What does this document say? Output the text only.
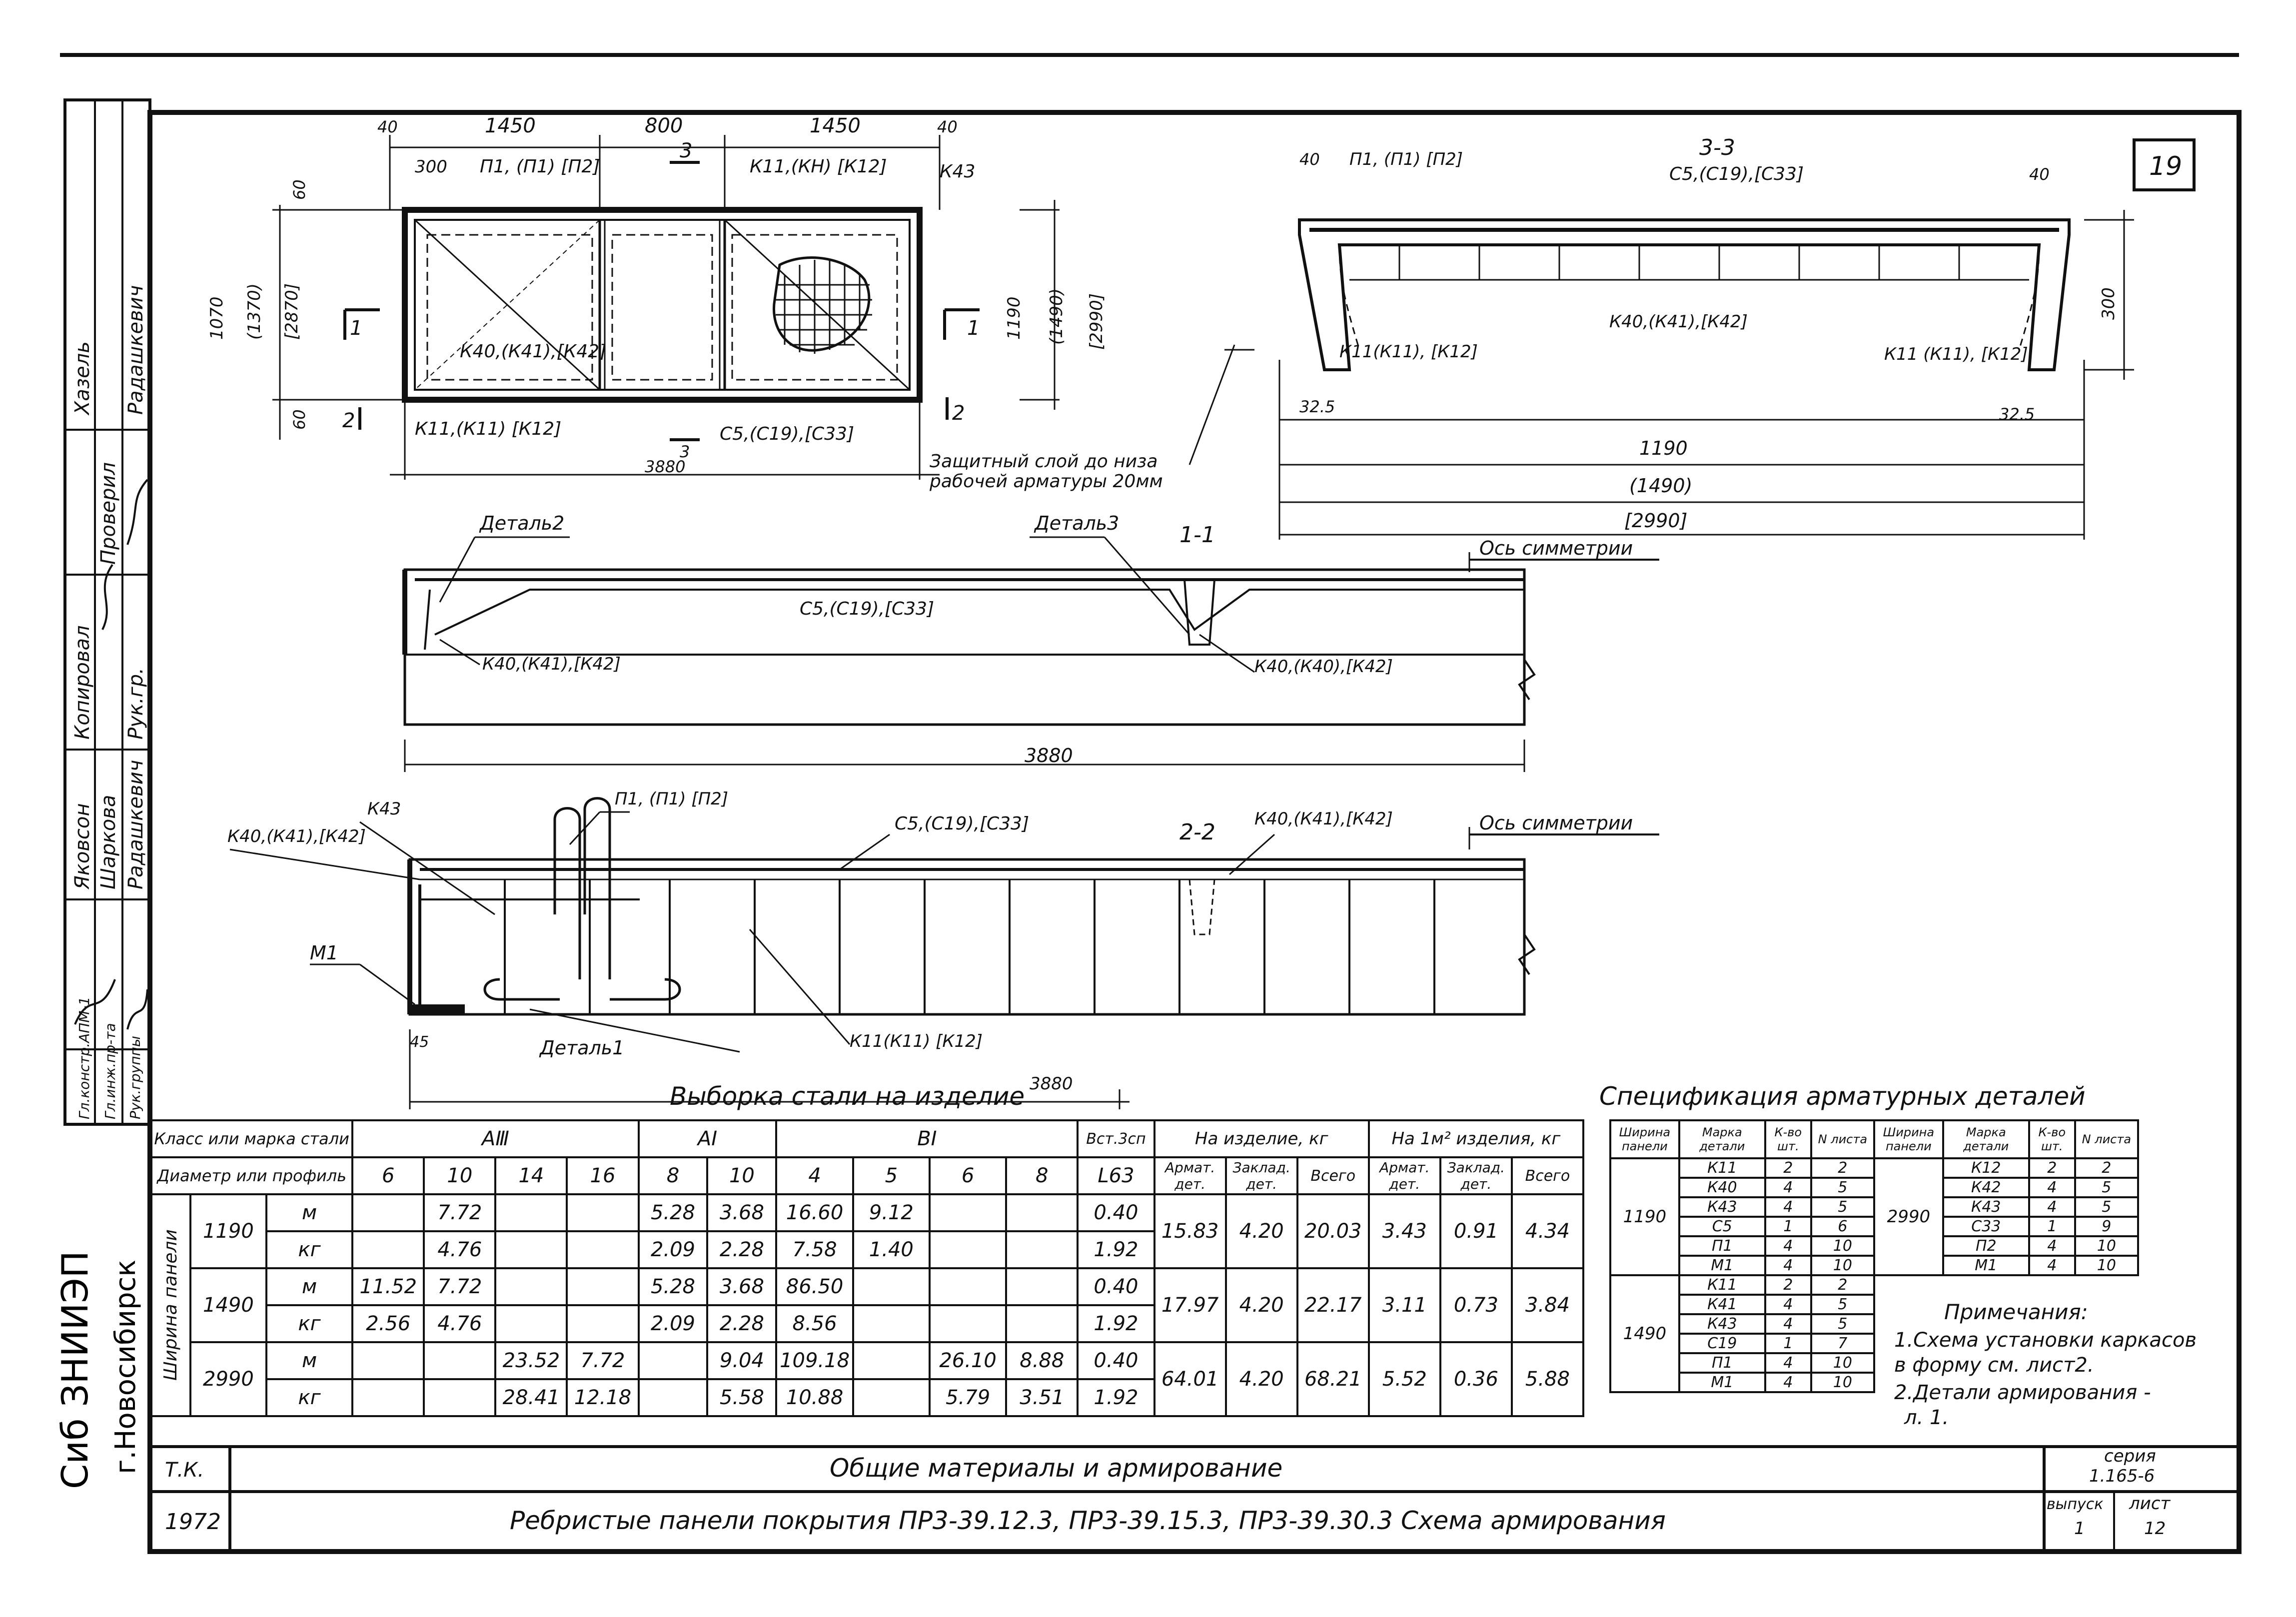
19
40	1450	800	1450	40
300 П1, (П1) [П2]
3
К11,(КН) [К12]	К43
К40,(К41),[К42]
К11,(К11) [К12]
3
С5,(С19),[С33]
1	1
2	2
3880	Защитный слой до низа
рабочей арматуры 20мм
60
1070 (1370) [2870]
60
1190 (1490) [2990]
3-3
40 П1, (П1) [П2]
С5,(С19),[С33]	40
К11(К11), [К12]
К40,(К41),[К42]
К11 (К11), [К12]
300
32.5	32.5
1190
(1490)
[2990]
Деталь2	Деталь3	1-1
Ось симметрии
С5,(С19),[С33]
К40,(К41),[К42]	К40,(К40),[К42]
3880
К40,(К41),[К42]
К43	П1, (П1) [П2]
С5,(С19),[С33]	2-2
К40,(К41),[К42]	Ось симметрии
М1
45	Деталь1	К11(К11) [К12]
3880
Рук.группы
Гл.инж.пр-та
Гл.констр.АПМ-1
Радашкевич
Шаркова
Яковсон
Рук.гр.
Проверил
Копировал
Радашкевич
Хазель
г.Новосибирск
Сиб ЗНИИЭП	Т.К.
1972
Общие материалы и армирование
Ребристые панели покрытия ПР3-39.12.3, ПР3-39.15.3, ПР3-39.30.3 Схема армирования
серия
1.165-6
выпуск
1
лист
12
Примечания:
1.Схема установки каркасов
в форму см. лист2.
2.Детали армирования -
л. 1.
Выборка стали на изделие
Класс или марка стали			АⅢ				АⅠ		ВⅠ				Вст.3сп	На изделие, кг			На 1м² изделия, кг		
Диаметр или профиль			6	10	14	16	8	10	4	5	6	8	L63	Армат. дет.	Заклад. дет.	Всего	Армат. дет.	Заклад. дет.	Всего
Ширина панели	1190	м		7.72			5.28	3.68	16.60	9.12			0.40	15.83	4.20	20.03	3.43	0.91	4.34
		кг		4.76			2.09	2.28	7.58	1.40			1.92						
	1490	м	11.52	7.72			5.28	3.68	86.50				0.40	17.97	4.20	22.17	3.11	0.73	3.84
		кг	2.56	4.76			2.09	2.28	8.56				1.92						
	2990	м			23.52	7.72		9.04	109.18		26.10	8.88	0.40	64.01	4.20	68.21	5.52	0.36	5.88
		кг			28.41	12.18		5.58	10.88		5.79	3.51	1.92						
Спецификация арматурных деталей
Ширина панели	Марка детали	К-во шт.	N листа	Ширина панели	Марка детали	К-во шт.	N листа
1190	К11	2	2	2990	К12	2	2
	К40	4	5		К42	4	5
	К43	4	5		К43	4	5
	С5	1	6		С33	1	9
	П1	4	10		П2	4	10
	М1	4	10		М1	4	10
1490	К11	2	2				
	К41	4	5				
	К43	4	5				
	С19	1	7				
	П1	4	10				
	М1	4	10				
